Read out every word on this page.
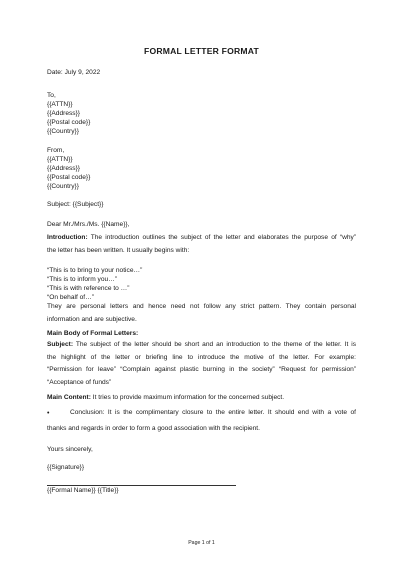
FORMAL LETTER FORMAT
Date: July 9, 2022
To,
{{ATTN}}
{{Address}}
{{Postal code}}
{{Country}}
From,
{{ATTN}}
{{Address}}
{{Postal code}}
{{Country}}
Subject: {{Subject}}
Dear Mr./Mrs./Ms. {{Name}},
Introduction: The introduction outlines the subject of the letter and elaborates the purpose of “why”
the letter has been written. It usually begins with:
“This is to bring to your notice…”
“This is to inform you…”
“This is with reference to …”
“On behalf of…”
They are personal letters and hence need not follow any strict pattern. They contain personal
information and are subjective.
Main Body of Formal Letters:
Subject: The subject of the letter should be short and an introduction to the theme of the letter. It is
the highlight of the letter or briefing line to introduce the motive of the letter. For example:
“Permission for leave” “Complain against plastic burning in the society” “Request for permission”
“Acceptance of funds”
Main Content: It tries to provide maximum information for the concerned subject.
•	Conclusion: It is the complimentary closure to the entire letter. It should end with a vote of
thanks and regards in order to form a good association with the recipient.
Yours sincerely,
{{Signature}}
{{Formal Name}} {{Title}}
Page 1 of 1
